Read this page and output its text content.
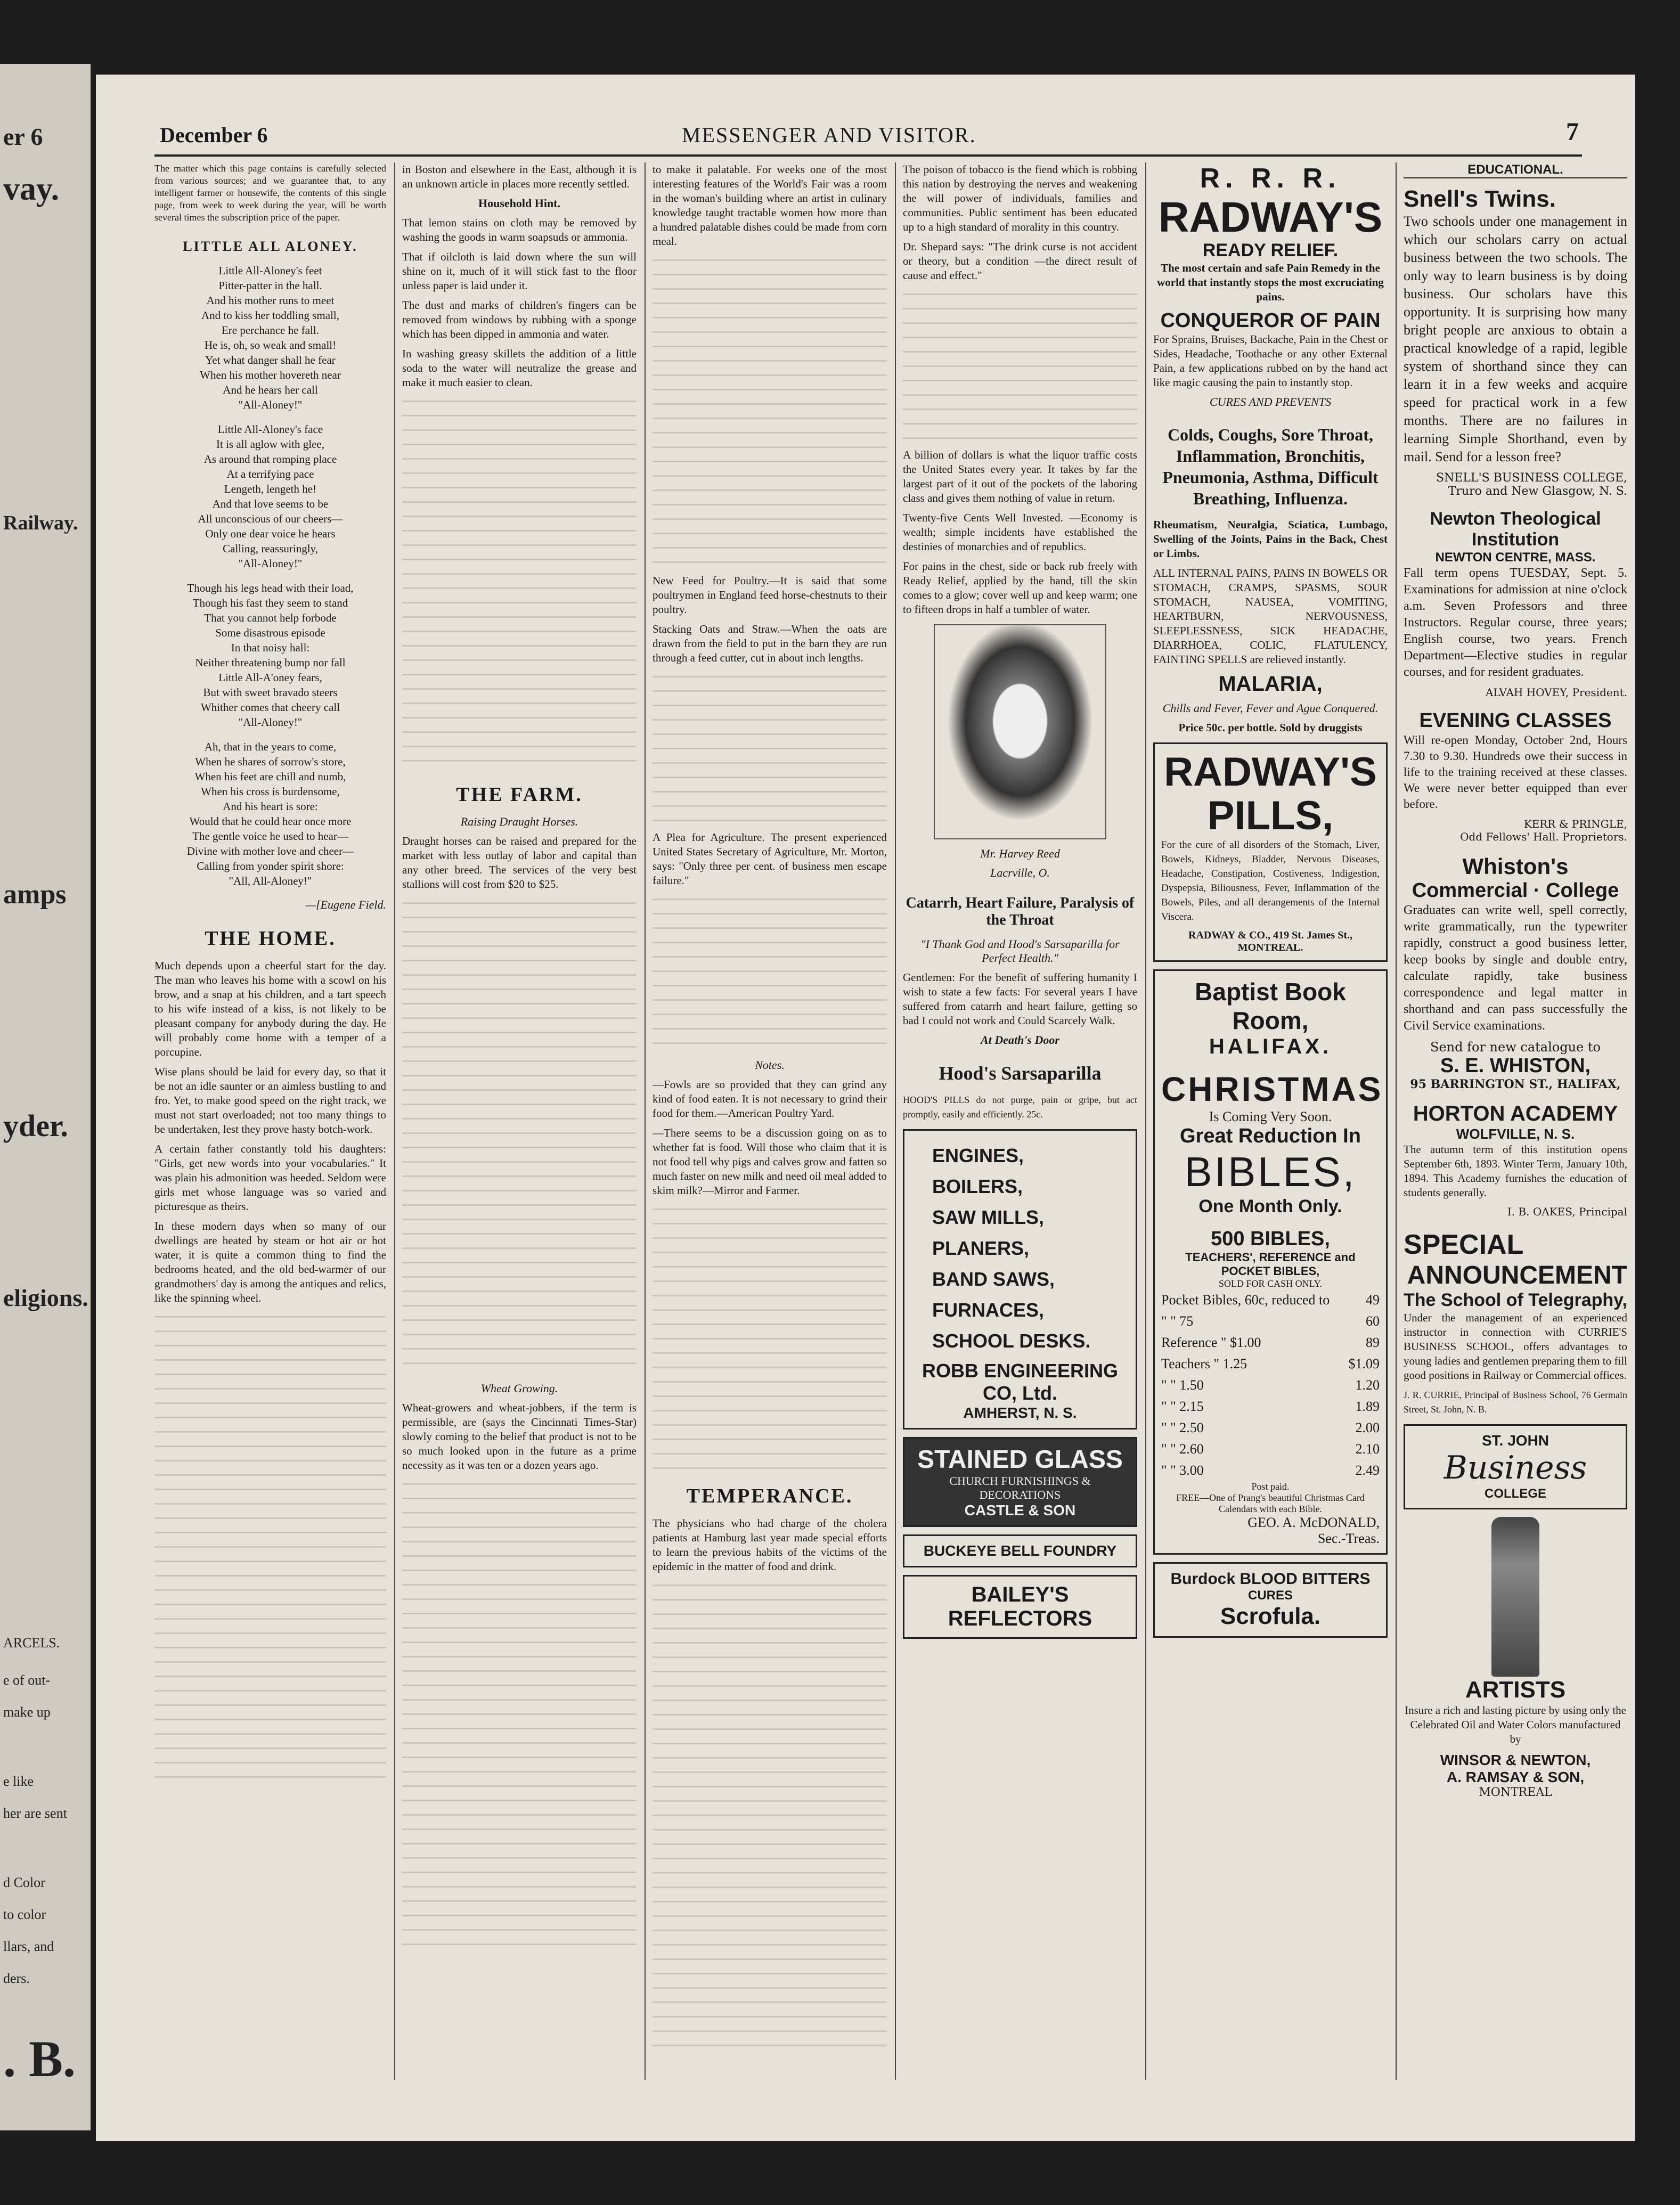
er 6
vay.
Railway.
amps
yder.
eligions.
ARCELS.
e of out-
make up
e like
her are sent
d Color
to color
llars, and
ders.
. B.
December 6	MESSENGER AND VISITOR.	7

The matter which this page contains is carefully selected from various sources; and we guarantee that, to any intelligent farmer or housewife, the contents of this single page, from week to week during the year, will be worth several times the subscription price of the paper.

LITTLE ALL ALONEY.
Little All-Aloney's feet
Pitter-patter in the hall.
And his mother runs to meet
And to kiss her toddling small,
Ere perchance he fall.
He is, oh, so weak and small!
Yet what danger shall he fear
When his mother hovereth near
And he hears her call
"All-Aloney!"
Little All-Aloney's face
It is all aglow with glee,
As around that romping place
At a terrifying pace
Lengeth, lengeth he!
And that love seems to be
All unconscious of our cheers—
Only one dear voice he hears
Calling, reassuringly,
"All-Aloney!"
Though his legs head with their load,
Though his fast they seem to stand
That you cannot help forbode
Some disastrous episode
In that noisy hall:
Neither threatening bump nor fall
Little All-A'oney fears,
But with sweet bravado steers
Whither comes that cheery call
"All-Aloney!"
Ah, that in the years to come,
When he shares of sorrow's store,
When his feet are chill and numb,
When his cross is burdensome,
And his heart is sore:
Would that he could hear once more
The gentle voice he used to hear—
Divine with mother love and cheer—
Calling from yonder spirit shore:
"All, All-Aloney!"
—[Eugene Field.
THE HOME.

Much depends upon a cheerful start for the day. The man who leaves his home with a scowl on his brow, and a snap at his children, and a tart speech to his wife instead of a kiss, is not likely to be pleasant company for anybody during the day. He will probably come home with a temper of a porcupine.

Wise plans should be laid for every day, so that it be not an idle saunter or an aimless bustling to and fro. Yet, to make good speed on the right track, we must not start overloaded; not too many things to be undertaken, lest they prove hasty botch-work.

A certain father constantly told his daughters: "Girls, get new words into your vocabularies." It was plain his admonition was heeded. Seldom were girls met whose language was so varied and picturesque as theirs.

In these modern days when so many of our dwellings are heated by steam or hot air or hot water, it is quite a common thing to find the bedrooms heated, and the old bed-warmer of our grandmothers' day is among the antiques and relics, like the spinning wheel.

in Boston and elsewhere in the East, although it is an unknown article in places more recently settled.

Household Hint.

That lemon stains on cloth may be removed by washing the goods in warm soapsuds or ammonia.

That if oilcloth is laid down where the sun will shine on it, much of it will stick fast to the floor unless paper is laid under it.

The dust and marks of children's fingers can be removed from windows by rubbing with a sponge which has been dipped in ammonia and water.

In washing greasy skillets the addition of a little soda to the water will neutralize the grease and make it much easier to clean.

THE FARM.
Raising Draught Horses.

Draught horses can be raised and prepared for the market with less outlay of labor and capital than any other breed. The services of the very best stallions will cost from $20 to $25.

Wheat Growing.

Wheat-growers and wheat-jobbers, if the term is permissible, are (says the Cincinnati Times-Star) slowly coming to the belief that product is not to be so much looked upon in the future as a prime necessity as it was ten or a dozen years ago.

to make it palatable. For weeks one of the most interesting features of the World's Fair was a room in the woman's building where an artist in culinary knowledge taught tractable women how more than a hundred palatable dishes could be made from corn meal.

New Feed for Poultry.—It is said that some poultrymen in England feed horse-chestnuts to their poultry.

Stacking Oats and Straw.—When the oats are drawn from the field to put in the barn they are run through a feed cutter, cut in about inch lengths.

A Plea for Agriculture. The present experienced United States Secretary of Agriculture, Mr. Morton, says: "Only three per cent. of business men escape failure."

Notes.

—Fowls are so provided that they can grind any kind of food eaten. It is not necessary to grind their food for them.—American Poultry Yard.

—There seems to be a discussion going on as to whether fat is food. Will those who claim that it is not food tell why pigs and calves grow and fatten so much faster on new milk and need oil meal added to skim milk?—Mirror and Farmer.

TEMPERANCE.

The physicians who had charge of the cholera patients at Hamburg last year made special efforts to learn the previous habits of the victims of the epidemic in the matter of food and drink.

The poison of tobacco is the fiend which is robbing this nation by destroying the nerves and weakening the will power of individuals, families and communities. Public sentiment has been educated up to a high standard of morality in this country.

Dr. Shepard says: "The drink curse is not accident or theory, but a condition —the direct result of cause and effect."

A billion of dollars is what the liquor traffic costs the United States every year. It takes by far the largest part of it out of the pockets of the laboring class and gives them nothing of value in return.

Twenty-five Cents Well Invested. —Economy is wealth; simple incidents have established the destinies of monarchies and of republics.

For pains in the chest, side or back rub freely with Ready Relief, applied by the hand, till the skin comes to a glow; cover well up and keep warm; one to fifteen drops in half a tumbler of water.

Mr. Harvey Reed
Lacrville, O.
Catarrh, Heart Failure, Paralysis of the Throat
"I Thank God and Hood's Sarsaparilla for Perfect Health."

Gentlemen: For the benefit of suffering humanity I wish to state a few facts: For several years I have suffered from catarrh and heart failure, getting so bad I could not work and Could Scarcely Walk.

At Death's Door
Hood's Sarsaparilla

HOOD'S PILLS do not purge, pain or gripe, but act promptly, easily and efficiently. 25c.

ENGINES,
BOILERS,
SAW MILLS,
PLANERS,
BAND SAWS,
FURNACES,
SCHOOL DESKS.
ROBB ENGINEERING CO, Ltd.
AMHERST, N. S.
STAINED GLASS
CHURCH FURNISHINGS & DECORATIONS
CASTLE & SON
BUCKEYE BELL FOUNDRY
BAILEY'S REFLECTORS
R. R. R.
RADWAY'S
READY RELIEF.

The most certain and safe Pain Remedy in the world that instantly stops the most excruciating pains.

CONQUEROR OF PAIN

For Sprains, Bruises, Backache, Pain in the Chest or Sides, Headache, Toothache or any other External Pain, a few applications rubbed on by the hand act like magic causing the pain to instantly stop.

CURES AND PREVENTS
Colds, Coughs, Sore Throat, Inflammation, Bronchitis, Pneumonia, Asthma, Difficult Breathing, Influenza.

Rheumatism, Neuralgia, Sciatica, Lumbago, Swelling of the Joints, Pains in the Back, Chest or Limbs.

ALL INTERNAL PAINS, PAINS IN BOWELS OR STOMACH, CRAMPS, SPASMS, SOUR STOMACH, NAUSEA, VOMITING, HEARTBURN, NERVOUSNESS, SLEEPLESSNESS, SICK HEADACHE, DIARRHOEA, COLIC, FLATULENCY, FAINTING SPELLS are relieved instantly.

MALARIA,
Chills and Fever, Fever and Ague Conquered.

Price 50c. per bottle. Sold by druggists

RADWAY'S
PILLS,

For the cure of all disorders of the Stomach, Liver, Bowels, Kidneys, Bladder, Nervous Diseases, Headache, Constipation, Costiveness, Indigestion, Dyspepsia, Biliousness, Fever, Inflammation of the Bowels, Piles, and all derangements of the Internal Viscera.

RADWAY & CO., 419 St. James St., MONTREAL.
Baptist Book Room,
HALIFAX.
CHRISTMAS
Is Coming Very Soon.
Great Reduction In
BIBLES,
One Month Only.
500 BIBLES,
TEACHERS', REFERENCE and POCKET BIBLES,
SOLD FOR CASH ONLY.
Pocket Bibles, 60c, reduced to	49
" " 75	60
Reference " $1.00	89
Teachers " 1.25	$1.09
" " 1.50	1.20
" " 2.15	1.89
" " 2.50	2.00
" " 2.60	2.10
" " 3.00	2.49
Post paid.
FREE—One of Prang's beautiful Christmas Card Calendars with each Bible.
GEO. A. McDONALD,
Sec.-Treas.
Burdock BLOOD BITTERS
CURES
Scrofula.
EDUCATIONAL.
Snell's Twins.

Two schools under one management in which our scholars carry on actual business between the two schools. The only way to learn business is by doing business. Our scholars have this opportunity. It is surprising how many bright people are anxious to obtain a practical knowledge of a rapid, legible system of shorthand since they can learn it in a few weeks and acquire speed for practical work in a few months. There are no failures in learning Simple Shorthand, even by mail. Send for a lesson free?

SNELL'S BUSINESS COLLEGE,
Truro and New Glasgow, N. S.
Newton Theological Institution
NEWTON CENTRE, MASS.

Fall term opens TUESDAY, Sept. 5. Examinations for admission at nine o'clock a.m. Seven Professors and three Instructors. Regular course, three years; English course, two years. French Department—Elective studies in regular courses, and for resident graduates.

ALVAH HOVEY, President.
EVENING CLASSES

Will re-open Monday, October 2nd, Hours 7.30 to 9.30. Hundreds owe their success in life to the training received at these classes. We were never better equipped than ever before.

KERR & PRINGLE,
Odd Fellows' Hall. Proprietors.
Whiston's
Commercial · College

Graduates can write well, spell correctly, write grammatically, run the typewriter rapidly, construct a good business letter, keep books by single and double entry, calculate rapidly, take business correspondence and legal matter in shorthand and can pass successfully the Civil Service examinations.

Send for new catalogue to
S. E. WHISTON,
95 BARRINGTON ST., HALIFAX,
HORTON ACADEMY
WOLFVILLE, N. S.

The autumn term of this institution opens September 6th, 1893. Winter Term, January 10th, 1894. This Academy furnishes the education of students generally.

I. B. OAKES, Principal
SPECIAL
ANNOUNCEMENT
The School of Telegraphy,

Under the management of an experienced instructor in connection with CURRIE'S BUSINESS SCHOOL, offers advantages to young ladies and gentlemen preparing them to fill good positions in Railway or Commercial offices.

J. R. CURRIE, Principal of Business School, 76 Germain Street, St. John, N. B.

ST. JOHN
Business
COLLEGE
ARTISTS

Insure a rich and lasting picture by using only the Celebrated Oil and Water Colors manufactured by

WINSOR & NEWTON,
A. RAMSAY & SON,
MONTREAL
